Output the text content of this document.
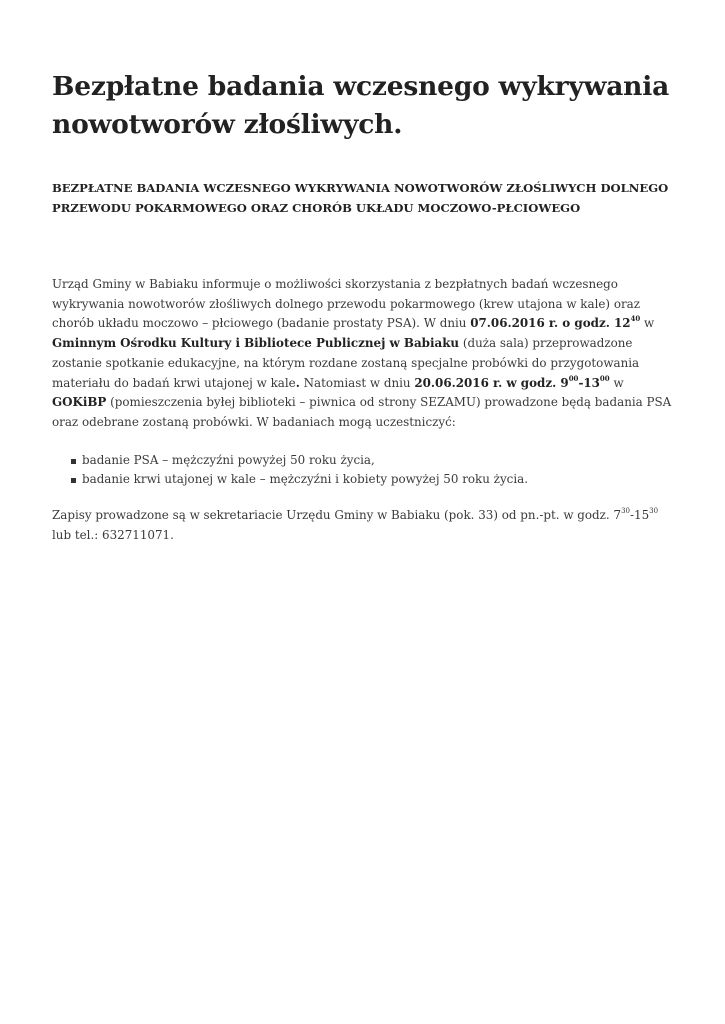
Bezpłatne badania wczesnego wykrywania nowotworów złośliwych.
BEZPŁATNE BADANIA WCZESNEGO WYKRYWANIA NOWOTWORÓW ZŁOŚLIWYCH DOLNEGO PRZEWODU POKARMOWEGO ORAZ CHORÓB UKŁADU MOCZOWO-PŁCIOWEGO

Urząd Gminy w Babiaku informuje o możliwości skorzystania z bezpłatnych badań wczesnego wykrywania nowotworów złośliwych dolnego przewodu pokarmowego (krew utajona w kale) oraz chorób układu moczowo – płciowego (badanie prostaty PSA). W dniu 07.06.2016 r. o godz. $12^{40}$ w Gminnym Ośrodku Kultury i Bibliotece Publicznej w Babiaku (duża sala) przeprowadzone zostanie spotkanie edukacyjne, na którym rozdane zostaną specjalne probówki do przygotowania materiału do badań krwi utajonej w kale. Natomiast w dniu 20.06.2016 r. w godz. $9^{00}-13^{00}$ w GOKiBP (pomieszczenia byłej biblioteki – piwnica od strony SEZAMU) prowadzone będą badania PSA oraz odebrane zostaną probówki. W badaniach mogą uczestniczyć:

badanie PSA – mężczyźni powyżej 50 roku życia,
badanie krwi utajonej w kale – mężczyźni i kobiety powyżej 50 roku życia.

Zapisy prowadzone są w sekretariacie Urzędu Gminy w Babiaku (pok. 33) od pn.-pt. w godz. $7^{30}-15^{30}$ lub tel.: 632711071.
